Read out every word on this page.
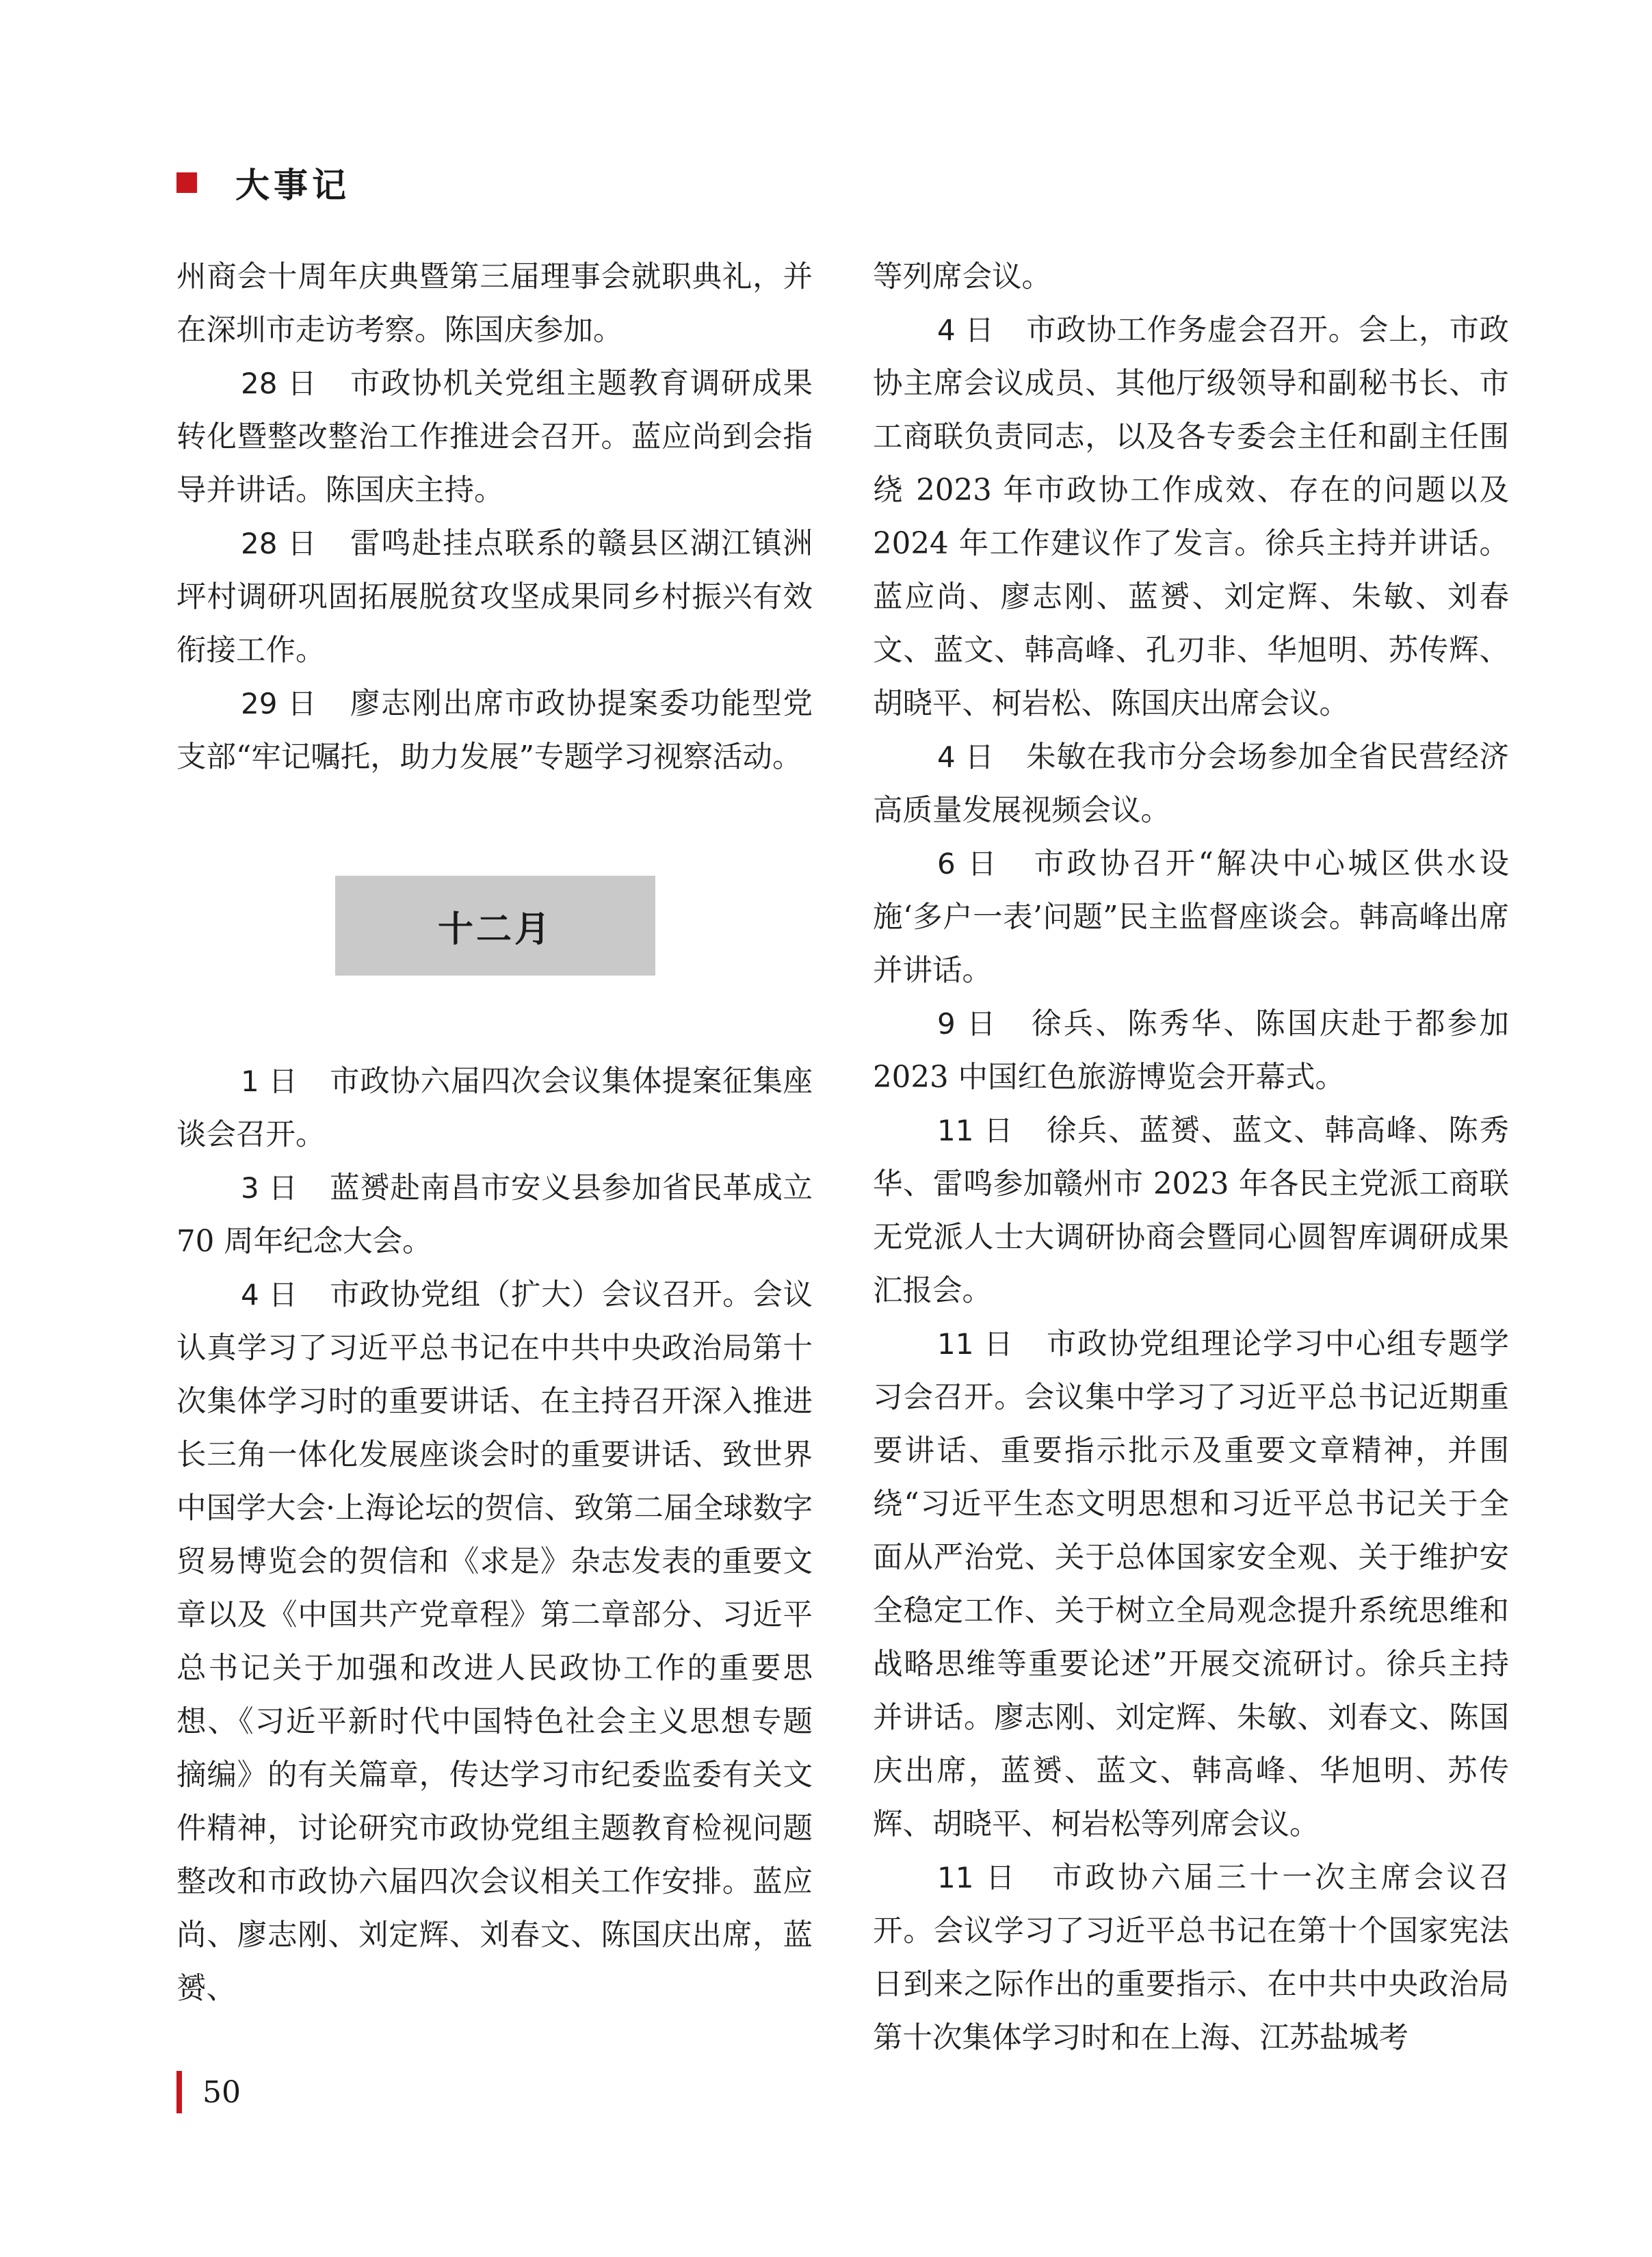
大事记

州商会十周年庆典暨第三届理事会就职典礼，并在深圳市走访考察。陈国庆参加。

28 日 市政协机关党组主题教育调研成果转化暨整改整治工作推进会召开。蓝应尚到会指导并讲话。陈国庆主持。

28 日 雷鸣赴挂点联系的赣县区湖江镇洲坪村调研巩固拓展脱贫攻坚成果同乡村振兴有效衔接工作。

29 日 廖志刚出席市政协提案委功能型党支部“牢记嘱托，助力发展”专题学习视察活动。

十二月

1 日 市政协六届四次会议集体提案征集座谈会召开。

3 日 蓝赟赴南昌市安义县参加省民革成立 70 周年纪念大会。

4 日 市政协党组（扩大）会议召开。会议认真学习了习近平总书记在中共中央政治局第十次集体学习时的重要讲话、在主持召开深入推进长三角一体化发展座谈会时的重要讲话、致世界中国学大会·上海论坛的贺信、致第二届全球数字贸易博览会的贺信和《求是》杂志发表的重要文章以及《中国共产党章程》第二章部分、习近平总书记关于加强和改进人民政协工作的重要思想、《习近平新时代中国特色社会主义思想专题摘编》的有关篇章，传达学习市纪委监委有关文件精神，讨论研究市政协党组主题教育检视问题整改和市政协六届四次会议相关工作安排。蓝应尚、廖志刚、刘定辉、刘春文、陈国庆出席，蓝赟、

等列席会议。

4 日 市政协工作务虚会召开。会上，市政协主席会议成员、其他厅级领导和副秘书长、市工商联负责同志，以及各专委会主任和副主任围绕 2023 年市政协工作成效、存在的问题以及 2024 年工作建议作了发言。徐兵主持并讲话。蓝应尚、廖志刚、蓝赟、刘定辉、朱敏、刘春文、蓝文、韩高峰、孔刃非、华旭明、苏传辉、胡晓平、柯岩松、陈国庆出席会议。

4 日 朱敏在我市分会场参加全省民营经济高质量发展视频会议。

6 日 市政协召开“解决中心城区供水设施‘多户一表’问题”民主监督座谈会。韩高峰出席并讲话。

9 日 徐兵、陈秀华、陈国庆赴于都参加 2023 中国红色旅游博览会开幕式。

11 日 徐兵、蓝赟、蓝文、韩高峰、陈秀华、雷鸣参加赣州市 2023 年各民主党派工商联无党派人士大调研协商会暨同心圆智库调研成果汇报会。

11 日 市政协党组理论学习中心组专题学习会召开。会议集中学习了习近平总书记近期重要讲话、重要指示批示及重要文章精神，并围绕“习近平生态文明思想和习近平总书记关于全面从严治党、关于总体国家安全观、关于维护安全稳定工作、关于树立全局观念提升系统思维和战略思维等重要论述”开展交流研讨。徐兵主持并讲话。廖志刚、刘定辉、朱敏、刘春文、陈国庆出席，蓝赟、蓝文、韩高峰、华旭明、苏传辉、胡晓平、柯岩松等列席会议。

11 日 市政协六届三十一次主席会议召开。会议学习了习近平总书记在第十个国家宪法日到来之际作出的重要指示、在中共中央政治局第十次集体学习时和在上海、江苏盐城考

50
